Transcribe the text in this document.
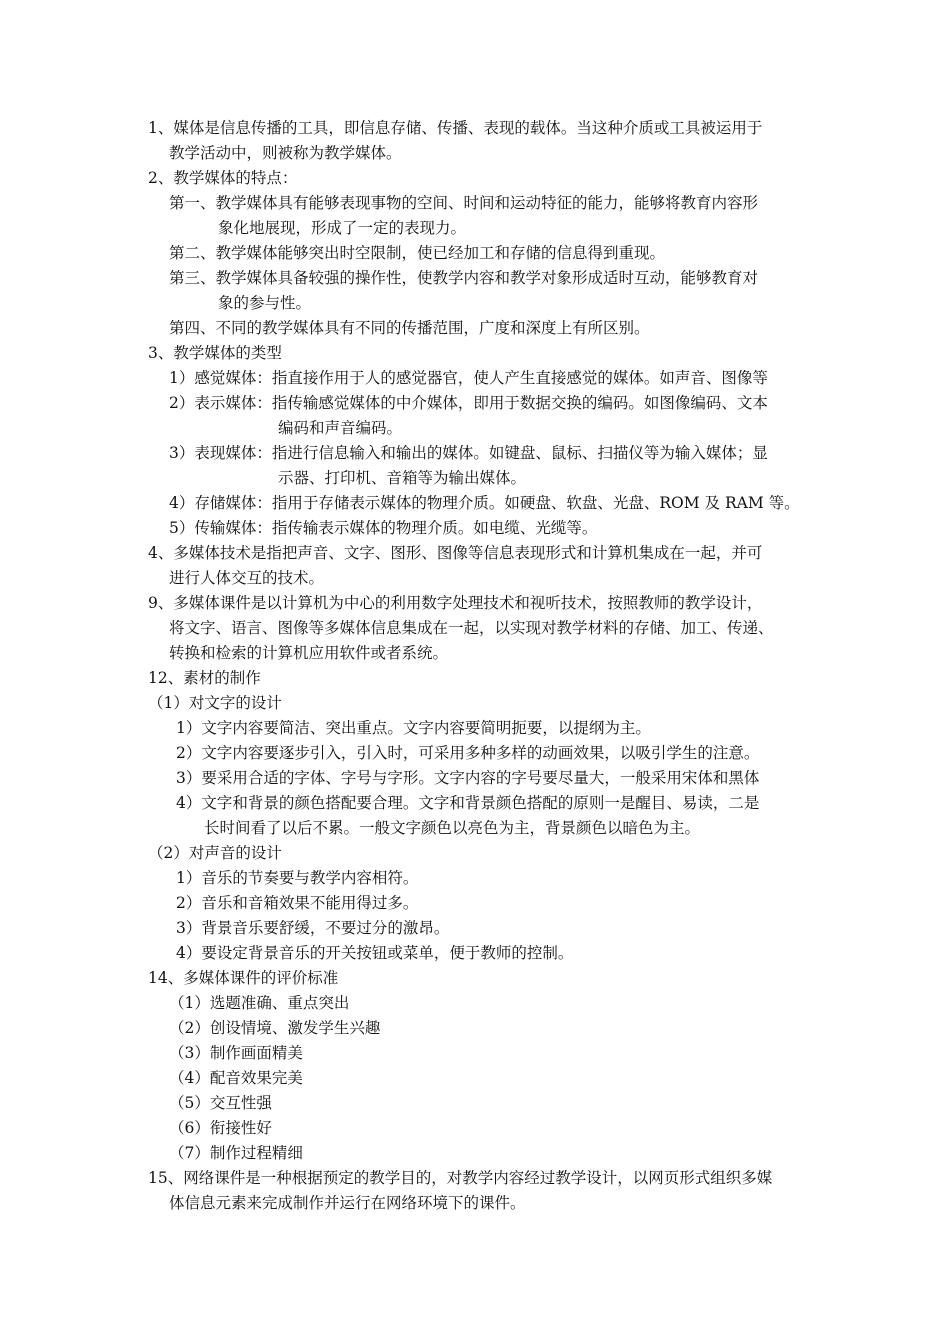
1、媒体是信息传播的工具，即信息存储、传播、表现的载体。当这种介质或工具被运用于
教学活动中，则被称为教学媒体。
2、教学媒体的特点：
第一、教学媒体具有能够表现事物的空间、时间和运动特征的能力，能够将教育内容形
象化地展现，形成了一定的表现力。
第二、教学媒体能够突出时空限制，使已经加工和存储的信息得到重现。
第三、教学媒体具备较强的操作性，使教学内容和教学对象形成适时互动，能够教育对
象的参与性。
第四、不同的教学媒体具有不同的传播范围，广度和深度上有所区别。
3、教学媒体的类型
1）感觉媒体：指直接作用于人的感觉器官，使人产生直接感觉的媒体。如声音、图像等
2）表示媒体：指传输感觉媒体的中介媒体，即用于数据交换的编码。如图像编码、文本
编码和声音编码。
3）表现媒体：指进行信息输入和输出的媒体。如键盘、鼠标、扫描仪等为输入媒体；显
示器、打印机、音箱等为输出媒体。
4）存储媒体：指用于存储表示媒体的物理介质。如硬盘、软盘、光盘、ROM 及 RAM 等。
5）传输媒体：指传输表示媒体的物理介质。如电缆、光缆等。
4、多媒体技术是指把声音、文字、图形、图像等信息表现形式和计算机集成在一起，并可
进行人体交互的技术。
9、多媒体课件是以计算机为中心的利用数字处理技术和视听技术，按照教师的教学设计，
将文字、语言、图像等多媒体信息集成在一起，以实现对教学材料的存储、加工、传递、
转换和检索的计算机应用软件或者系统。
12、素材的制作
（1）对文字的设计
1）文字内容要简洁、突出重点。文字内容要简明扼要，以提纲为主。
2）文字内容要逐步引入，引入时，可采用多种多样的动画效果，以吸引学生的注意。
3）要采用合适的字体、字号与字形。文字内容的字号要尽量大，一般采用宋体和黑体
4）文字和背景的颜色搭配要合理。文字和背景颜色搭配的原则一是醒目、易读，二是
长时间看了以后不累。一般文字颜色以亮色为主，背景颜色以暗色为主。
（2）对声音的设计
1）音乐的节奏要与教学内容相符。
2）音乐和音箱效果不能用得过多。
3）背景音乐要舒缓，不要过分的激昂。
4）要设定背景音乐的开关按钮或菜单，便于教师的控制。
14、多媒体课件的评价标准
（1）选题准确、重点突出
（2）创设情境、激发学生兴趣
（3）制作画面精美
（4）配音效果完美
（5）交互性强
（6）衔接性好
（7）制作过程精细
15、网络课件是一种根据预定的教学目的，对教学内容经过教学设计，以网页形式组织多媒
体信息元素来完成制作并运行在网络环境下的课件。
